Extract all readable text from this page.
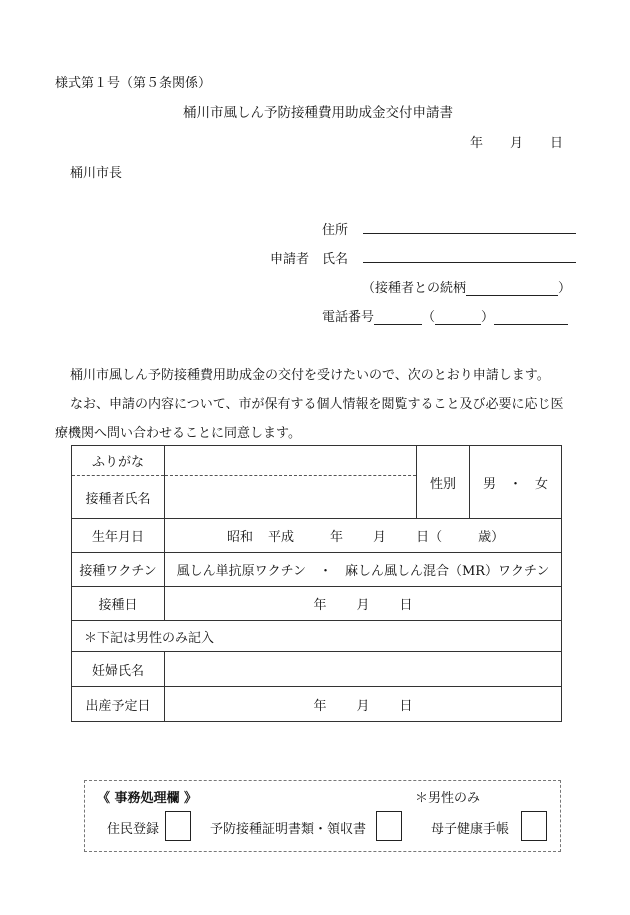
様式第１号（第５条関係）
桶川市風しん予防接種費用助成金交付申請書
年 月 日
桶川市長
住所
申請者 氏名
（接種者との続柄	）
電話番号	（	）
桶川市風しん予防接種費用助成金の交付を受けたいので、次のとおり申請します。
なお、申請の内容について、市が保有する個人情報を閲覧すること及び必要に応じ医
療機関へ問い合わせることに同意します。
ふりがな		性別	男　・　女
接種者氏名			
生年月日	昭和 平成 年 月 日（ 歳）		
接種ワクチン	風しん単抗原ワクチン　・　麻しん風しん混合（MR）ワクチン		
接種日	年 月 日		
＊下記は男性のみ記入			
妊婦氏名			
出産予定日	年 月 日		
《 事務処理欄 》	＊男性のみ
住民登録	予防接種証明書類・領収書	母子健康手帳
